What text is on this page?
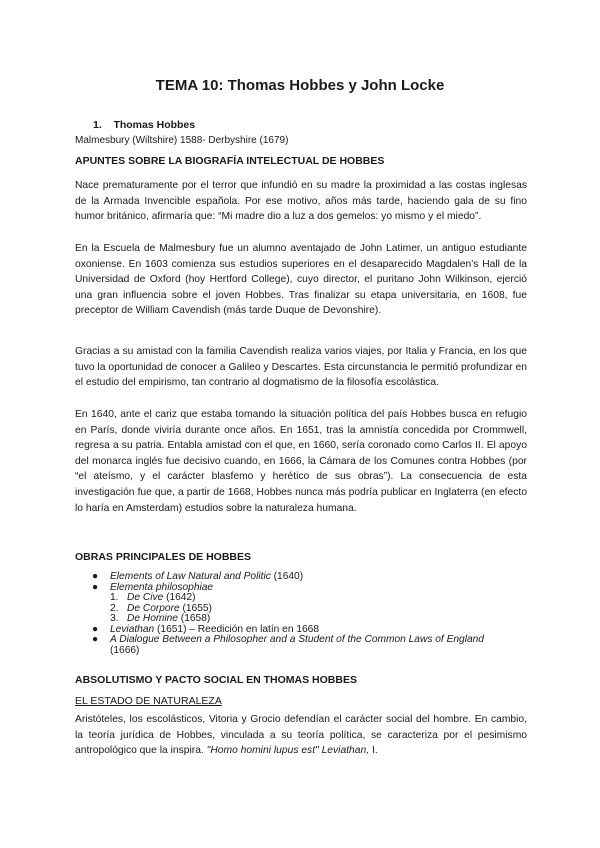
TEMA 10: Thomas Hobbes y John Locke
1. Thomas Hobbes
Malmesbury (Wiltshire) 1588- Derbyshire (1679)
APUNTES SOBRE LA BIOGRAFÍA INTELECTUAL DE HOBBES

Nace prematuramente por el terror que infundió en su madre la proximidad a las costas inglesas de la Armada Invencible española. Por ese motivo, años más tarde, haciendo gala de su fino humor británico, afirmaría que: “Mi madre dio a luz a dos gemelos: yo mismo y el miedo”.

En la Escuela de Malmesbury fue un alumno aventajado de John Latimer, un antiguo estudiante oxoniense. En 1603 comienza sus estudios superiores en el desaparecido Magdalen’s Hall de la Universidad de Oxford (hoy Hertford College), cuyo director, el puritano John Wilkinson, ejerció una gran influencia sobre el joven Hobbes. Tras finalizar su etapa universitaria, en 1608, fue preceptor de William Cavendish (más tarde Duque de Devonshire).

Gracias a su amistad con la familia Cavendish realiza varios viajes, por Italia y Francia, en los que tuvo la oportunidad de conocer a Galileo y Descartes. Esta circunstancia le permitió profundizar en el estudio del empirismo, tan contrario al dogmatismo de la filosofía escolástica.

En 1640, ante el cariz que estaba tomando la situación política del país Hobbes busca en refugio en París, donde viviría durante once años. En 1651, tras la amnistía concedida por Crommwell, regresa a su patria. Entabla amistad con el que, en 1660, sería coronado como Carlos II. El apoyo del monarca inglés fue decisivo cuando, en 1666, la Cámara de los Comunes contra Hobbes (por “el ateísmo, y el carácter blasfemo y herético de sus obras”). La consecuencia de esta investigación fue que, a partir de 1668, Hobbes nunca más podría publicar en Inglaterra (en efecto lo haría en Amsterdam) estudios sobre la naturaleza humana.

OBRAS PRINCIPALES DE HOBBES
● Elements of Law Natural and Politic (1640)
● Elementa philosophiae
1. De Cive (1642)
2. De Corpore (1655)
3. De Homine (1658)
● Leviathan (1651) – Reedición en latín en 1668
● A Dialogue Between a Philosopher and a Student of the Common Laws of England
(1666)
ABSOLUTISMO Y PACTO SOCIAL EN THOMAS HOBBES
EL ESTADO DE NATURALEZA

Aristóteles, los escolásticos, Vitoria y Grocio defendían el carácter social del hombre. En cambio, la teoría jurídica de Hobbes, vinculada a su teoría política, se caracteriza por el pesimismo antropológico que la inspira. "Homo homini lupus est" Leviathan, I.
